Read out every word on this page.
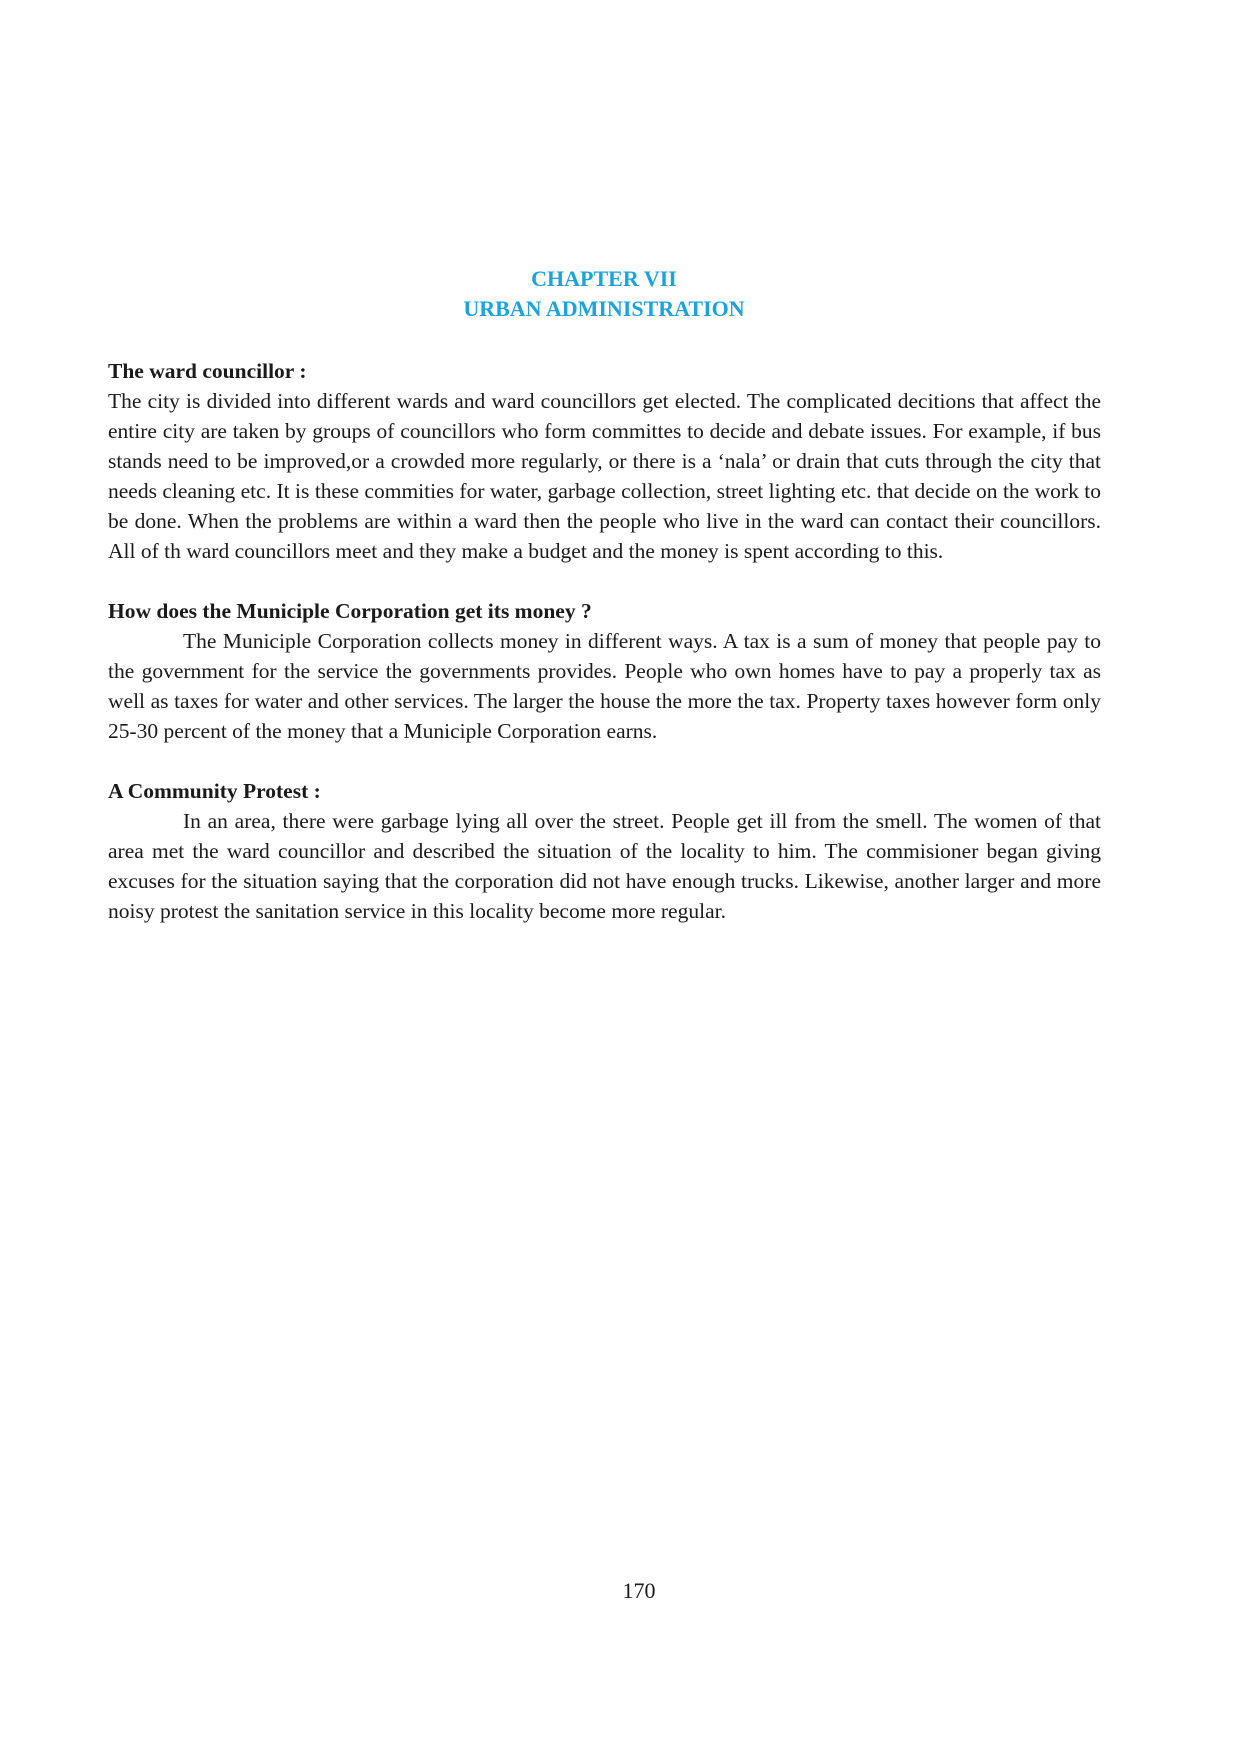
CHAPTER VII
URBAN ADMINISTRATION

The ward councillor :

The city is divided into different wards and ward councillors get elected. The complicated decitions that affect the entire city are taken by groups of councillors who form committes to decide and debate issues. For example, if bus stands need to be improved,or a crowded more regularly, or there is a ‘nala’ or drain that cuts through the city that needs cleaning etc. It is these commities for water, garbage collection, street lighting etc. that decide on the work to be done. When the problems are within a ward then the people who live in the ward can contact their councillors. All of th ward councillors meet and they make a budget and the money is spent according to this.

How does the Municiple Corporation get its money ?

The Municiple Corporation collects money in different ways. A tax is a sum of money that people pay to the government for the service the governments provides. People who own homes have to pay a properly tax as well as taxes for water and other services. The larger the house the more the tax. Property taxes however form only 25-30 percent of the money that a Municiple Corporation earns.

A Community Protest :

In an area, there were garbage lying all over the street. People get ill from the smell. The women of that area met the ward councillor and described the situation of the locality to him. The commisioner began giving excuses for the situation saying that the corporation did not have enough trucks. Likewise, another larger and more noisy protest the sanitation service in this locality become more regular.

170
